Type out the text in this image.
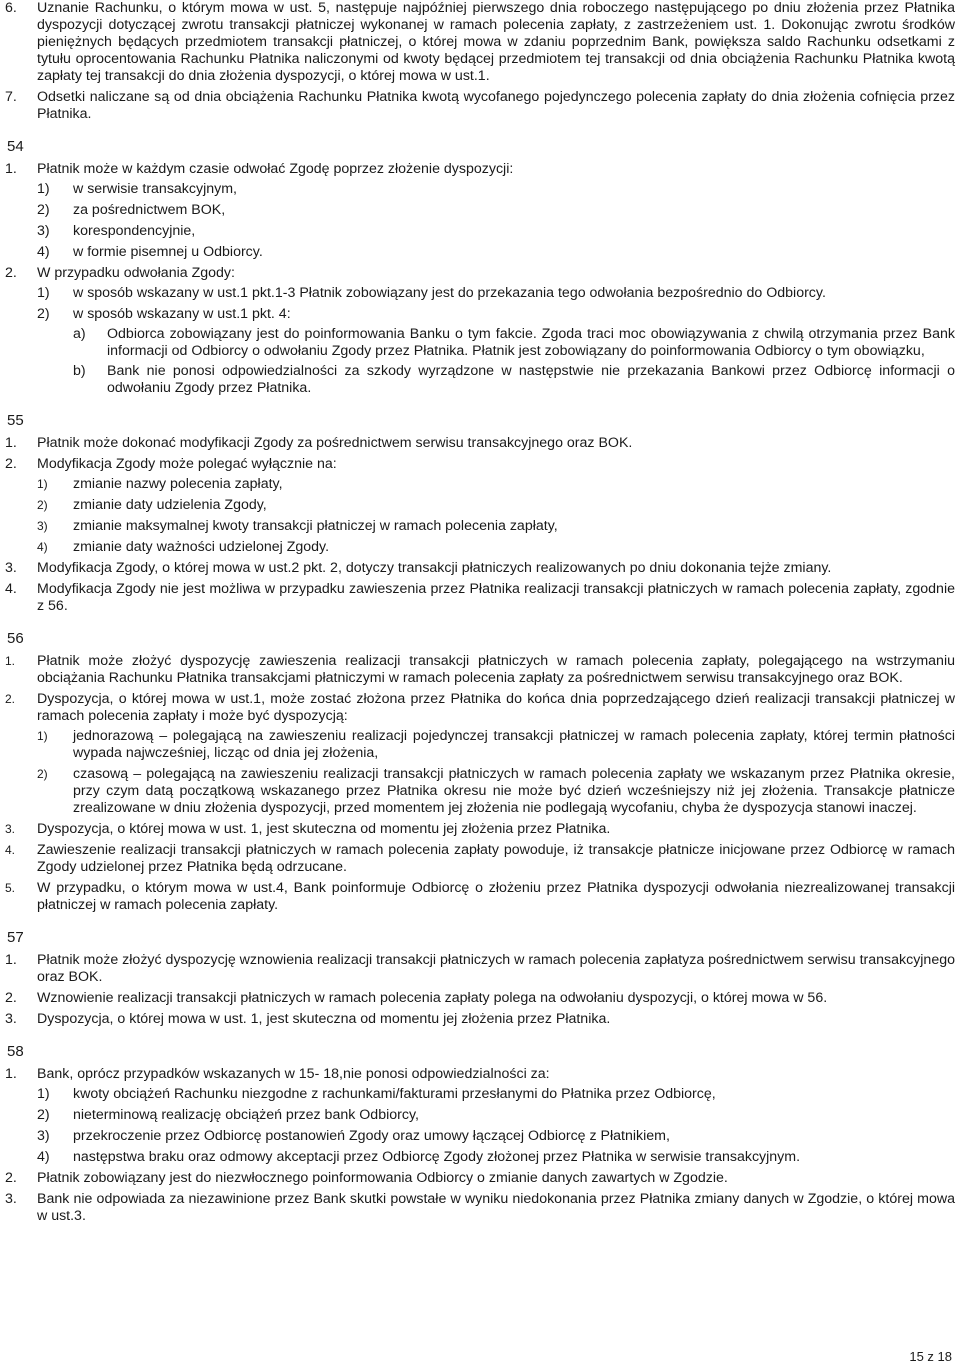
6. Uznanie Rachunku, o którym mowa w ust. 5, następuje najpóźniej pierwszego dnia roboczego następującego po dniu złożenia przez Płatnika dyspozycji dotyczącej zwrotu transakcji płatniczej wykonanej w ramach polecenia zapłaty, z zastrzeżeniem ust. 1. Dokonując zwrotu środków pieniężnych będących przedmiotem transakcji płatniczej, o której mowa w zdaniu poprzednim Bank, powiększa saldo Rachunku odsetkami z tytułu oprocentowania Rachunku Płatnika naliczonymi od kwoty będącej przedmiotem tej transakcji od dnia obciążenia Rachunku Płatnika kwotą zapłaty tej transakcji do dnia złożenia dyspozycji, o której mowa w ust.1.
7. Odsetki naliczane są od dnia obciążenia Rachunku Płatnika kwotą wycofanego pojedynczego polecenia zapłaty do dnia złożenia cofnięcia przez Płatnika.
54
1. Płatnik może w każdym czasie odwołać Zgodę poprzez złożenie dyspozycji:
1) w serwisie transakcyjnym,
2) za pośrednictwem BOK,
3) korespondencyjnie,
4) w formie pisemnej u Odbiorcy.
2. W przypadku odwołania Zgody:
1) w sposób wskazany w ust.1 pkt.1-3 Płatnik zobowiązany jest do przekazania tego odwołania bezpośrednio do Odbiorcy.
2) w sposób wskazany w ust.1 pkt. 4:
a) Odbiorca zobowiązany jest do poinformowania Banku o tym fakcie. Zgoda traci moc obowiązywania z chwilą otrzymania przez Bank informacji od Odbiorcy o odwołaniu Zgody przez Płatnika. Płatnik jest zobowiązany do poinformowania Odbiorcy o tym obowiązku,
b) Bank nie ponosi odpowiedzialności za szkody wyrządzone w następstwie nie przekazania Bankowi przez Odbiorcę informacji o odwołaniu Zgody przez Płatnika.
55
1. Płatnik może dokonać modyfikacji Zgody za pośrednictwem serwisu transakcyjnego oraz BOK.
2. Modyfikacja Zgody może polegać wyłącznie na:
1) zmianie nazwy polecenia zapłaty,
2) zmianie daty udzielenia Zgody,
3) zmianie maksymalnej kwoty transakcji płatniczej w ramach polecenia zapłaty,
4) zmianie daty ważności udzielonej Zgody.
3. Modyfikacja Zgody, o której mowa w ust.2 pkt. 2, dotyczy transakcji płatniczych realizowanych po dniu dokonania tejże zmiany.
4. Modyfikacja Zgody nie jest możliwa w przypadku zawieszenia przez Płatnika realizacji transakcji płatniczych w ramach polecenia zapłaty, zgodnie z 56.
56
1. Płatnik może złożyć dyspozycję zawieszenia realizacji transakcji płatniczych w ramach polecenia zapłaty, polegającego na wstrzymaniu obciążania Rachunku Płatnika transakcjami płatniczymi w ramach polecenia zapłaty za pośrednictwem serwisu transakcyjnego oraz BOK.
2. Dyspozycja, o której mowa w ust.1, może zostać złożona przez Płatnika do końca dnia poprzedzającego dzień realizacji transakcji płatniczej w ramach polecenia zapłaty i może być dyspozycją:
1) jednorazową – polegającą na zawieszeniu realizacji pojedynczej transakcji płatniczej w ramach polecenia zapłaty, której termin płatności wypada najwcześniej, licząc od dnia jej złożenia,
2) czasową – polegającą na zawieszeniu realizacji transakcji płatniczych w ramach polecenia zapłaty we wskazanym przez Płatnika okresie, przy czym datą początkową wskazanego przez Płatnika okresu nie może być dzień wcześniejszy niż jej złożenia. Transakcje płatnicze zrealizowane w dniu złożenia dyspozycji, przed momentem jej złożenia nie podlegają wycofaniu, chyba że dyspozycja stanowi inaczej.
3. Dyspozycja, o której mowa w ust. 1, jest skuteczna od momentu jej złożenia przez Płatnika.
4. Zawieszenie realizacji transakcji płatniczych w ramach polecenia zapłaty powoduje, iż transakcje płatnicze inicjowane przez Odbiorcę w ramach Zgody udzielonej przez Płatnika będą odrzucane.
5. W przypadku, o którym mowa w ust.4, Bank poinformuje Odbiorcę o złożeniu przez Płatnika dyspozycji odwołania niezrealizowanej transakcji płatniczej w ramach polecenia zapłaty.
57
1. Płatnik może złożyć dyspozycję wznowienia realizacji transakcji płatniczych w ramach polecenia zapłatyza pośrednictwem serwisu transakcyjnego oraz BOK.
2. Wznowienie realizacji transakcji płatniczych w ramach polecenia zapłaty polega na odwołaniu dyspozycji, o której mowa w 56.
3. Dyspozycja, o której mowa w ust. 1, jest skuteczna od momentu jej złożenia przez Płatnika.
58
1. Bank, oprócz przypadków wskazanych w 15- 18,nie ponosi odpowiedzialności za:
1) kwoty obciążeń Rachunku niezgodne z rachunkami/fakturami przesłanymi do Płatnika przez Odbiorcę,
2) nieterminową realizację obciążeń przez bank Odbiorcy,
3) przekroczenie przez Odbiorcę postanowień Zgody oraz umowy łączącej Odbiorcę z Płatnikiem,
4) następstwa braku oraz odmowy akceptacji przez Odbiorcę Zgody złożonej przez Płatnika w serwisie transakcyjnym.
2. Płatnik zobowiązany jest do niezwłocznego poinformowania Odbiorcy o zmianie danych zawartych w Zgodzie.
3. Bank nie odpowiada za niezawinione przez Bank skutki powstałe w wyniku niedokonania przez Płatnika zmiany danych w Zgodzie, o której mowa w ust.3.
15 z 18
